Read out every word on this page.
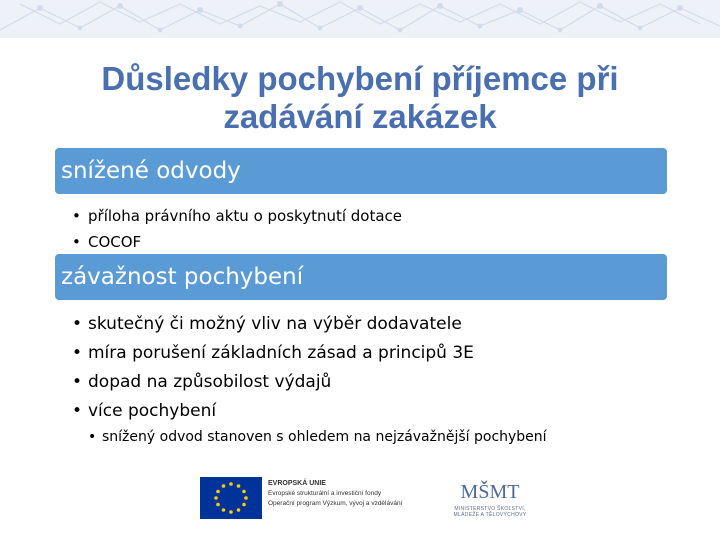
Důsledky pochybení příjemce při zadávání zakázek
snížené odvody
• příloha právního aktu o poskytnutí dotace
• COCOF
závažnost pochybení
• skutečný či možný vliv na výběr dodavatele
• míra porušení základních zásad a principů 3E
• dopad na způsobilost výdajů
• více pochybení
• snížený odvod stanoven s ohledem na nejzávažnější pochybení
EVROPSKÁ UNIE
Evropské strukturální a investiční fondy
Operační program Výzkum, vývoj a vzdělávání
MŠMT
MINISTERSTVO ŠKOLSTVÍ,
MLÁDEŽE A TĚLOVÝCHOVY
